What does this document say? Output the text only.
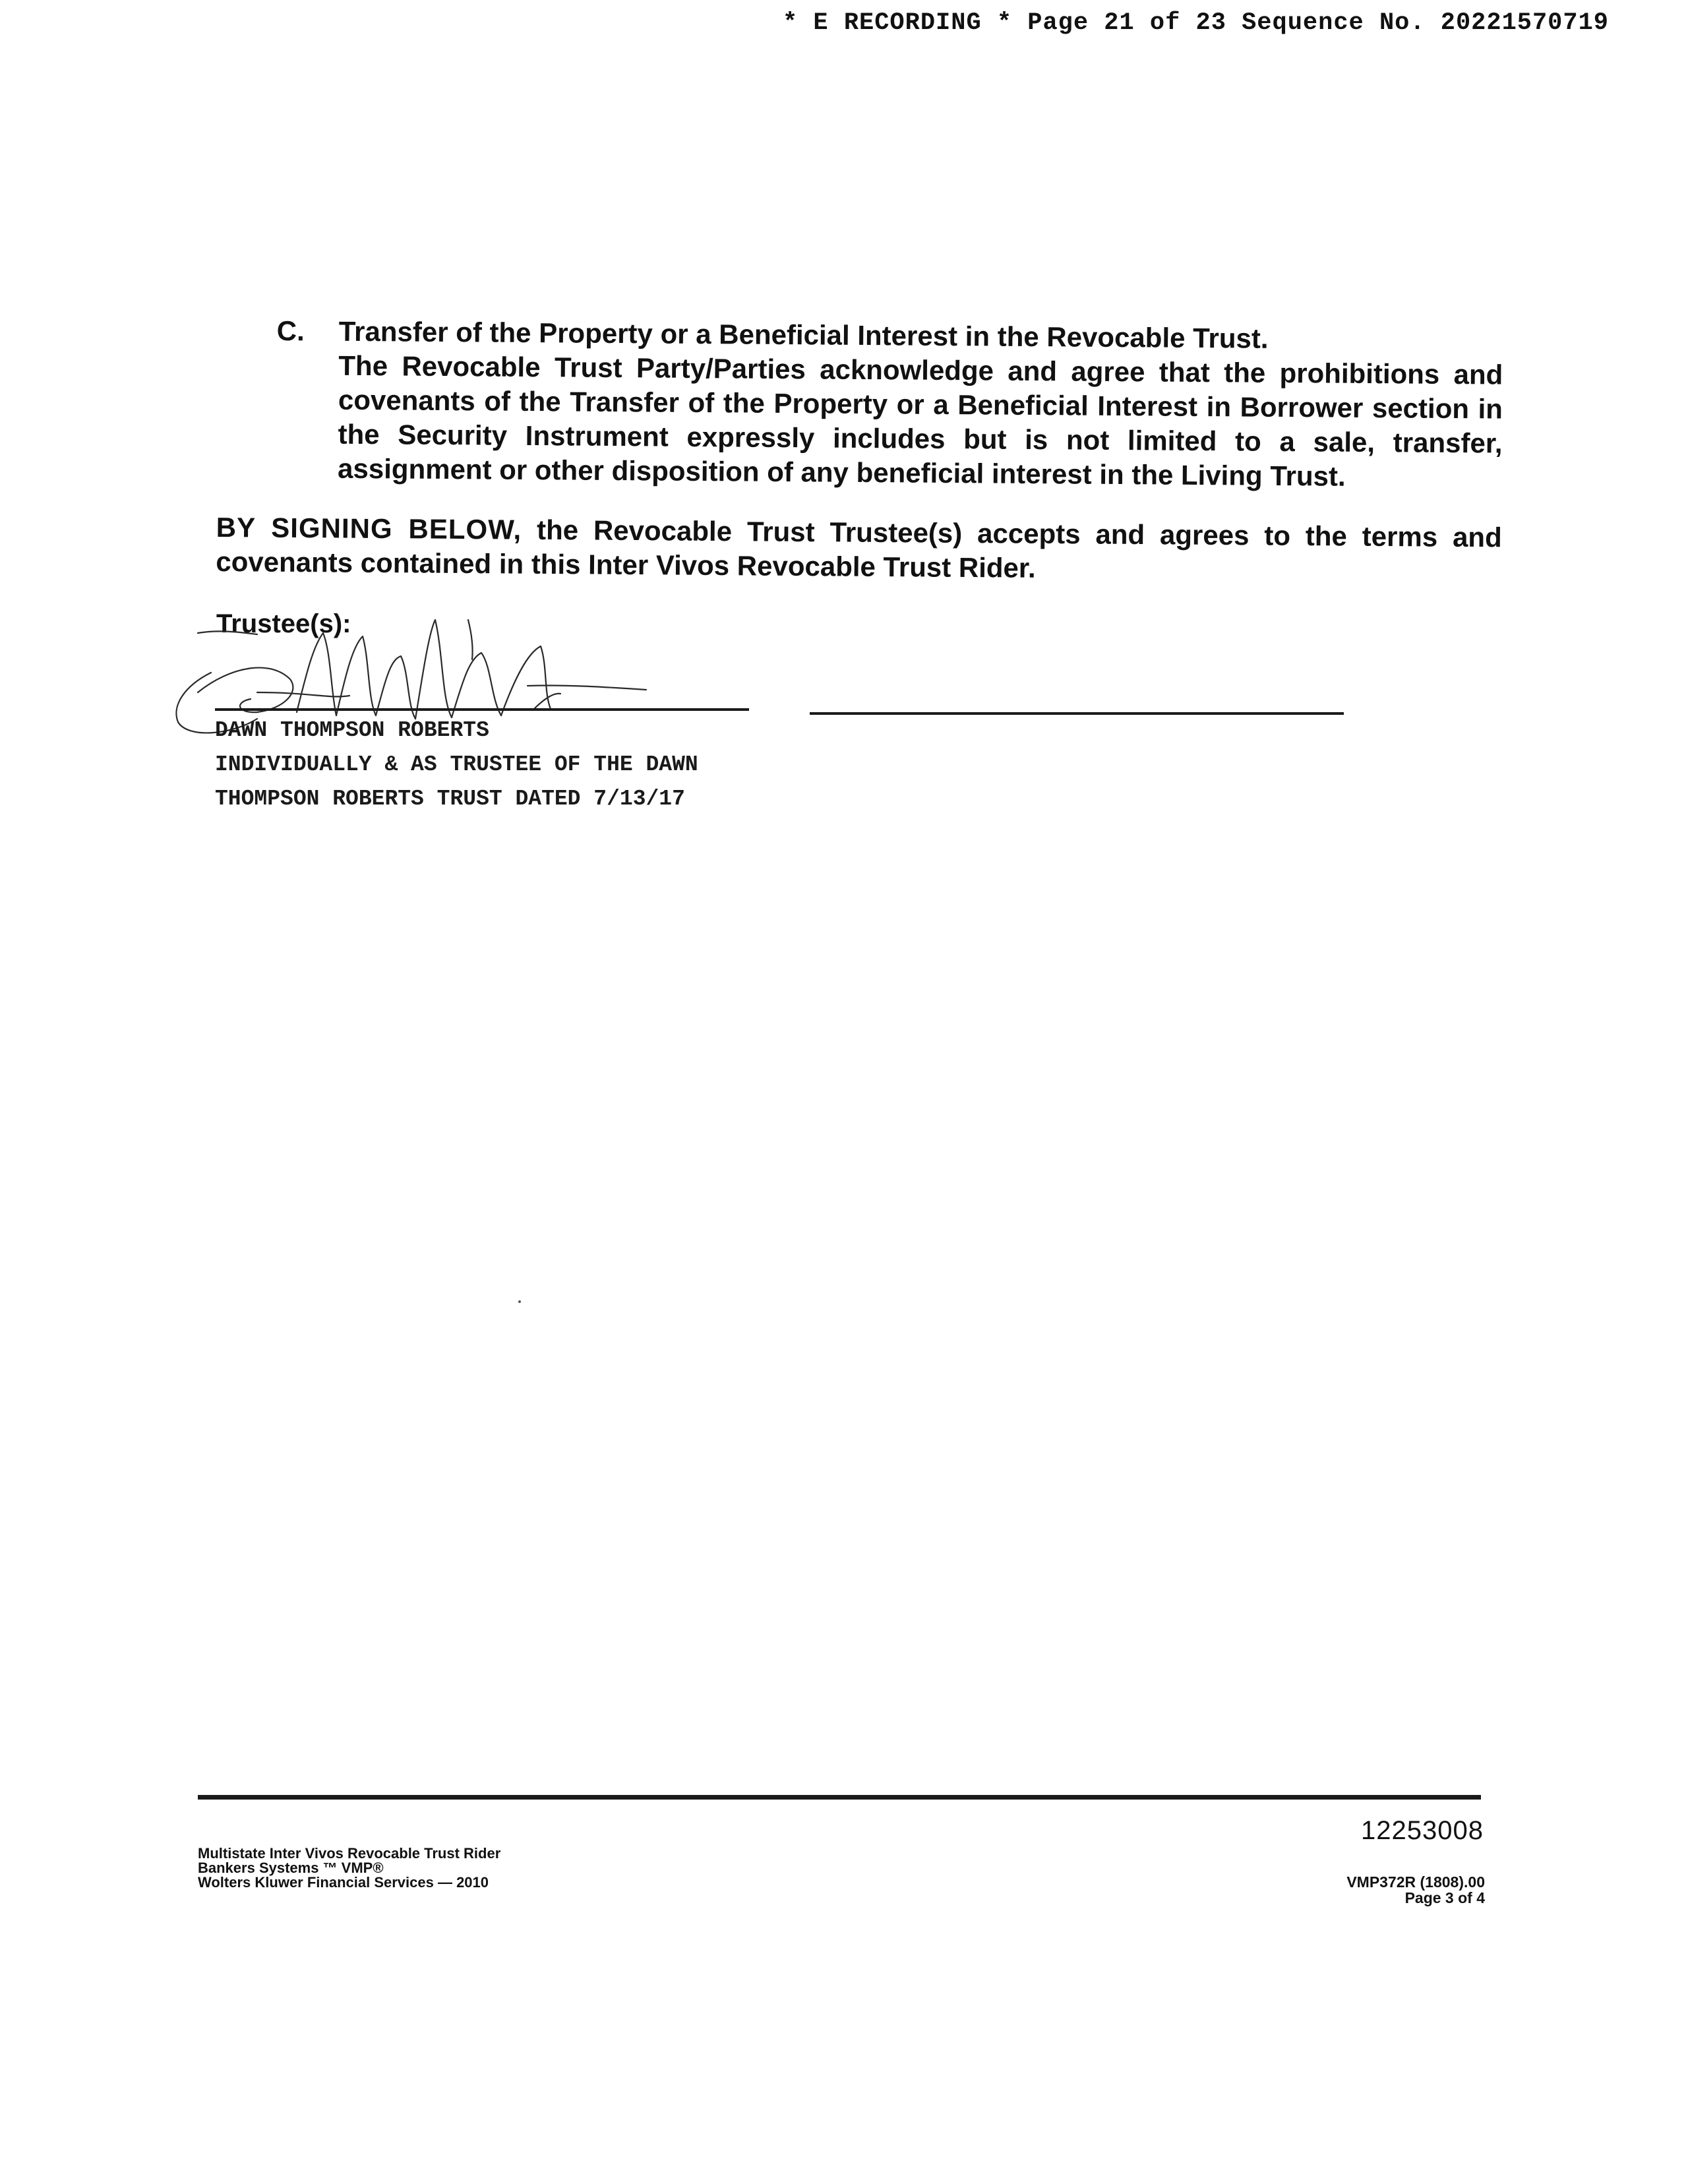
* E RECORDING * Page 21 of 23 Sequence No. 20221570719
C. Transfer of the Property or a Beneficial Interest in the Revocable Trust.
The Revocable Trust Party/Parties acknowledge and agree that the prohibitions and covenants of the Transfer of the Property or a Beneficial Interest in Borrower section in the Security Instrument expressly includes but is not limited to a sale, transfer, assignment or other disposition of any beneficial interest in the Living Trust.
BY SIGNING BELOW, the Revocable Trust Trustee(s) accepts and agrees to the terms and covenants contained in this Inter Vivos Revocable Trust Rider.
Trustee(s):
DAWN THOMPSON ROBERTS
INDIVIDUALLY & AS TRUSTEE OF THE DAWN
THOMPSON ROBERTS TRUST DATED 7/13/17
12253008
Multistate Inter Vivos Revocable Trust Rider
Bankers Systems ™ VMP®
Wolters Kluwer Financial Services — 2010	VMP372R (1808).00
Page 3 of 4
